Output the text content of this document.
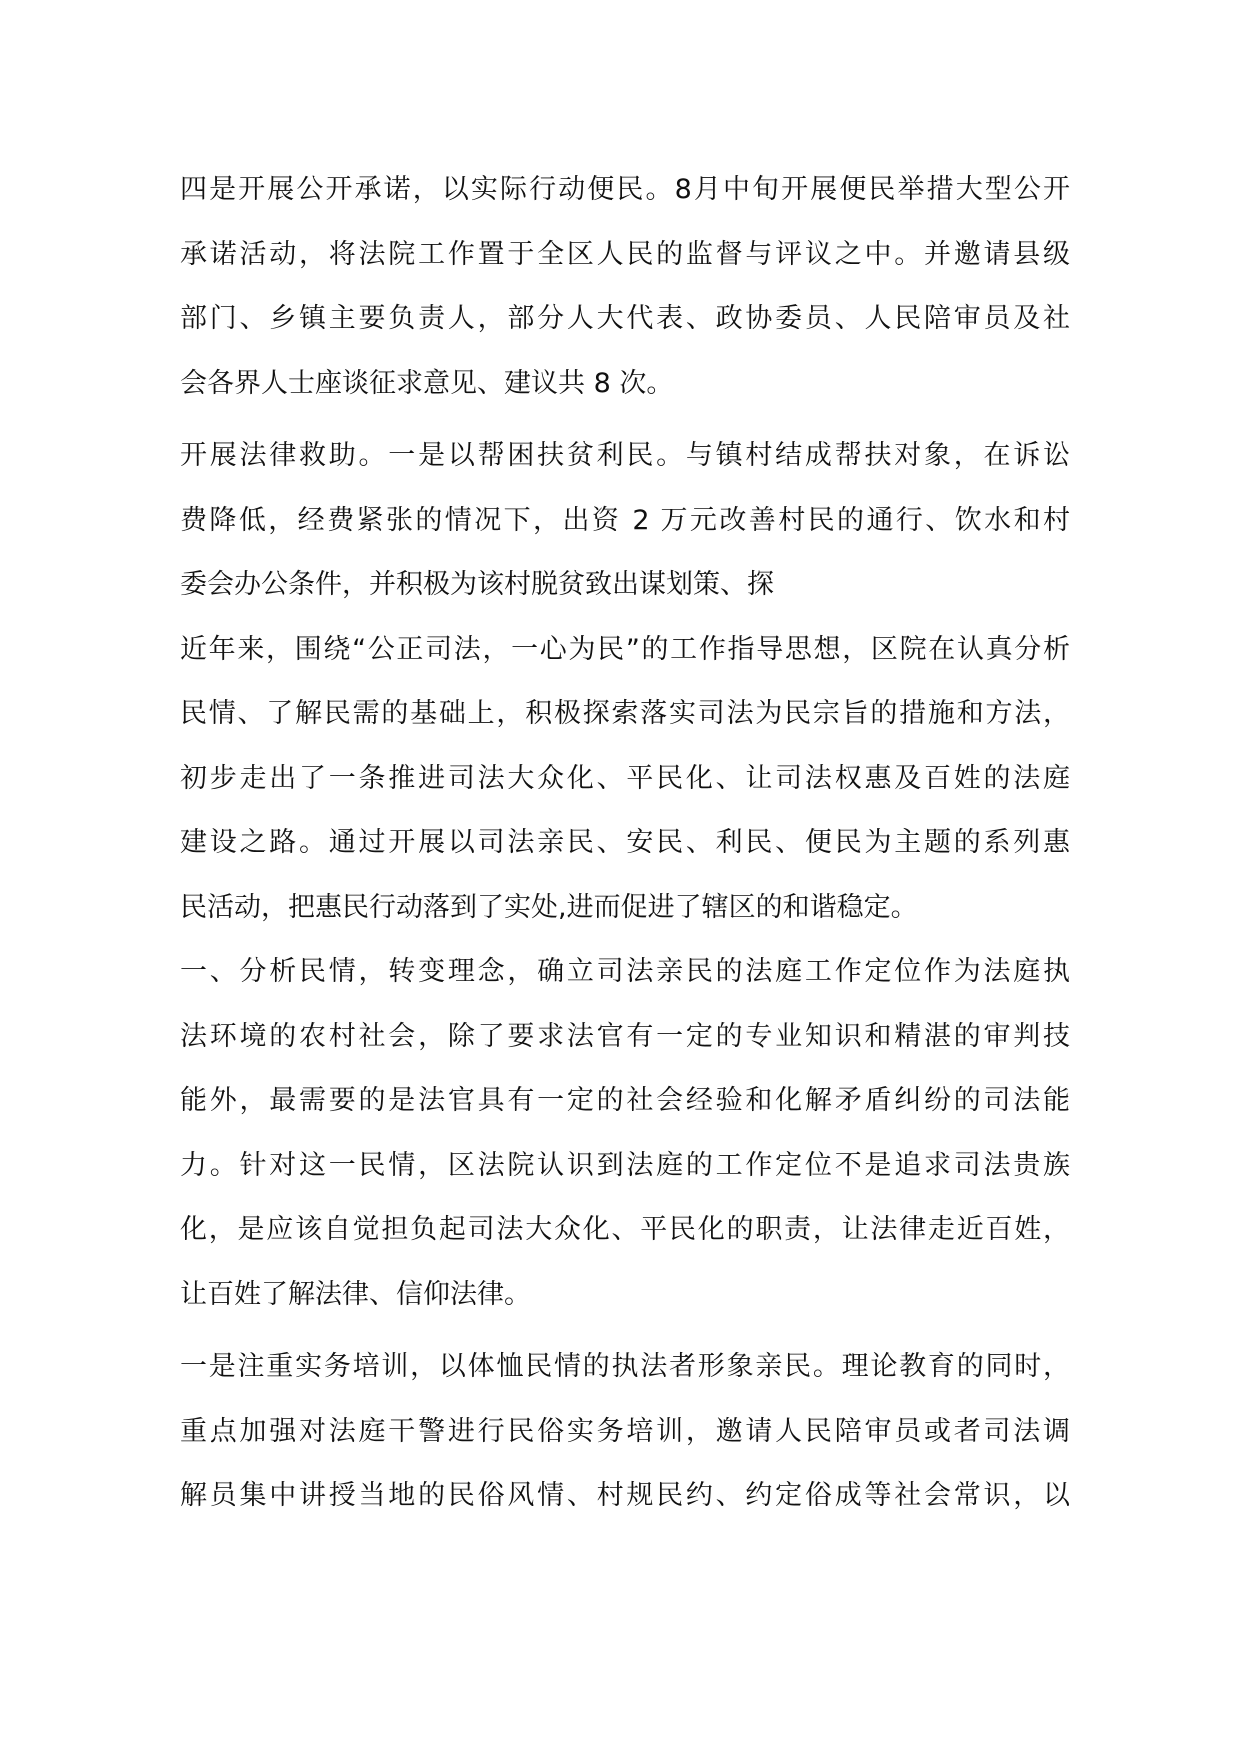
四是开展公开承诺，以实际行动便民。8月中旬开展便民举措大型公开
承诺活动，将法院工作置于全区人民的监督与评议之中。并邀请县级
部门、乡镇主要负责人，部分人大代表、政协委员、人民陪审员及社
会各界人士座谈征求意见、建议共 8 次。
开展法律救助。一是以帮困扶贫利民。与镇村结成帮扶对象，在诉讼
费降低，经费紧张的情况下，出资 2 万元改善村民的通行、饮水和村
委会办公条件，并积极为该村脱贫致出谋划策、探
近年来，围绕“公正司法，一心为民”的工作指导思想，区院在认真分析
民情、了解民需的基础上，积极探索落实司法为民宗旨的措施和方法，
初步走出了一条推进司法大众化、平民化、让司法权惠及百姓的法庭
建设之路。通过开展以司法亲民、安民、利民、便民为主题的系列惠
民活动，把惠民行动落到了实处,进而促进了辖区的和谐稳定。
一、分析民情，转变理念，确立司法亲民的法庭工作定位作为法庭执
法环境的农村社会，除了要求法官有一定的专业知识和精湛的审判技
能外，最需要的是法官具有一定的社会经验和化解矛盾纠纷的司法能
力。针对这一民情，区法院认识到法庭的工作定位不是追求司法贵族
化，是应该自觉担负起司法大众化、平民化的职责，让法律走近百姓，
让百姓了解法律、信仰法律。
一是注重实务培训，以体恤民情的执法者形象亲民。理论教育的同时，
重点加强对法庭干警进行民俗实务培训，邀请人民陪审员或者司法调
解员集中讲授当地的民俗风情、村规民约、约定俗成等社会常识，以
